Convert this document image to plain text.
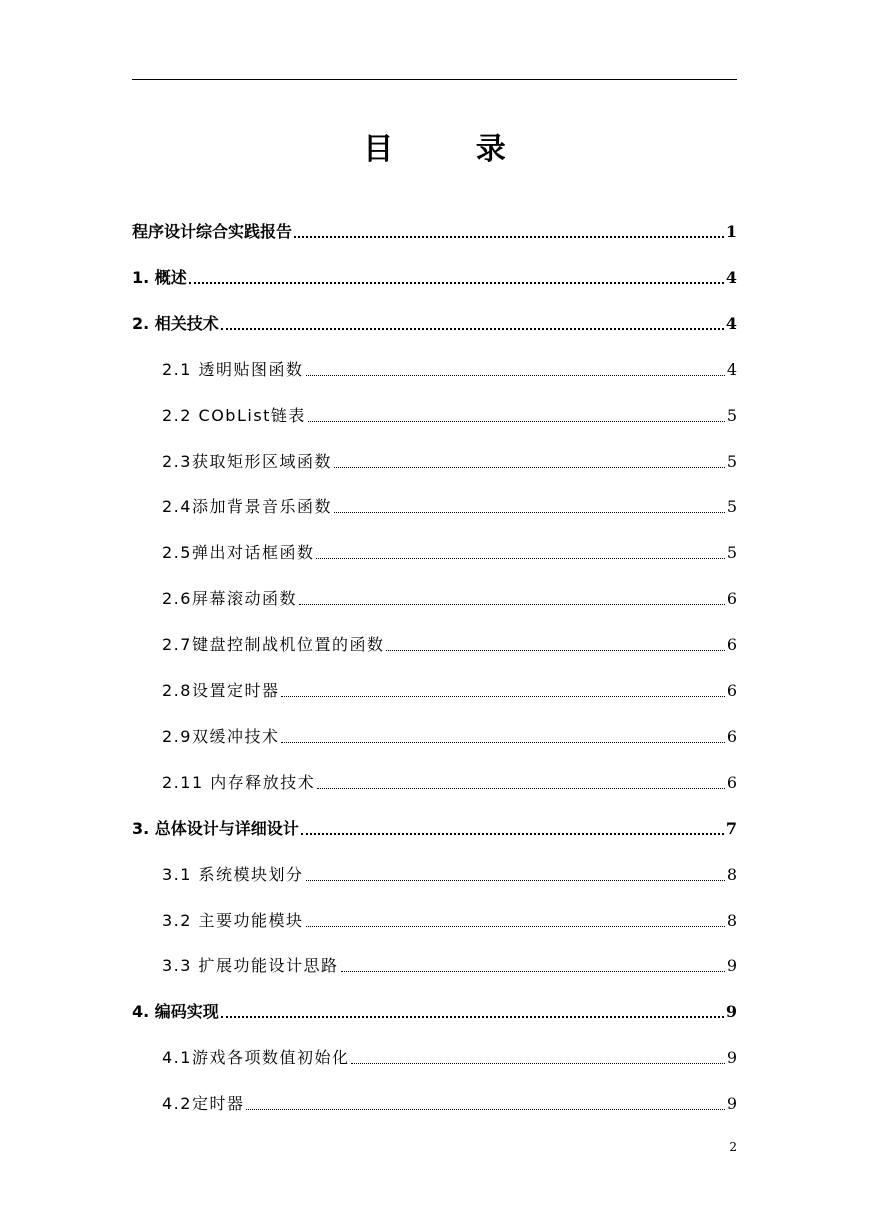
目 录
程序设计综合实践报告	1
1. 概述	4
2. 相关技术	4
2.1 透明贴图函数	4
2.2 CObList链表	5
2.3获取矩形区域函数	5
2.4添加背景音乐函数	5
2.5弹出对话框函数	5
2.6屏幕滚动函数	6
2.7键盘控制战机位置的函数	6
2.8设置定时器	6
2.9双缓冲技术	6
2.11 内存释放技术	6
3. 总体设计与详细设计	7
3.1 系统模块划分	8
3.2 主要功能模块	8
3.3 扩展功能设计思路	9
4. 编码实现	9
4.1游戏各项数值初始化	9
4.2定时器	9
2
